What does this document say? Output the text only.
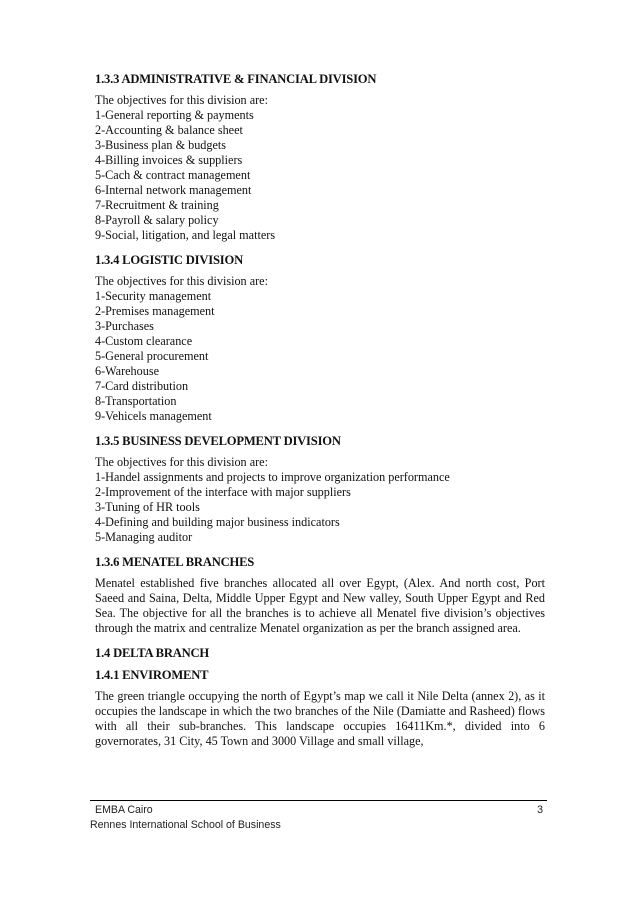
1.3.3 ADMINISTRATIVE & FINANCIAL DIVISION
The objectives for this division are:
1-General reporting & payments
2-Accounting & balance sheet
3-Business plan & budgets
4-Billing invoices & suppliers
5-Cach & contract management
6-Internal network management
7-Recruitment & training
8-Payroll & salary policy
9-Social, litigation, and legal matters
1.3.4 LOGISTIC DIVISION
The objectives for this division are:
1-Security management
2-Premises management
3-Purchases
4-Custom clearance
5-General procurement
6-Warehouse
7-Card distribution
8-Transportation
9-Vehicels management
1.3.5 BUSINESS DEVELOPMENT DIVISION
The objectives for this division are:
1-Handel assignments and projects to improve organization performance
2-Improvement of the interface with major suppliers
3-Tuning of HR tools
4-Defining and building major business indicators
5-Managing auditor
1.3.6 MENATEL BRANCHES
Menatel established five branches allocated all over Egypt, (Alex. And north cost, Port Saeed and Saina, Delta, Middle Upper Egypt and New valley, South Upper Egypt and Red Sea. The objective for all the branches is to achieve all Menatel five division’s objectives through the matrix and centralize Menatel organization as per the branch assigned area.
1.4 DELTA BRANCH
1.4.1 ENVIROMENT
The green triangle occupying the north of Egypt’s map we call it Nile Delta (annex 2), as it occupies the landscape in which the two branches of the Nile (Damiatte and Rasheed) flows with all their sub-branches. This landscape occupies 16411Km.*, divided into 6 governorates, 31 City, 45 Town and 3000 Village and small village,
EMBA Cairo	3
Rennes International School of Business
